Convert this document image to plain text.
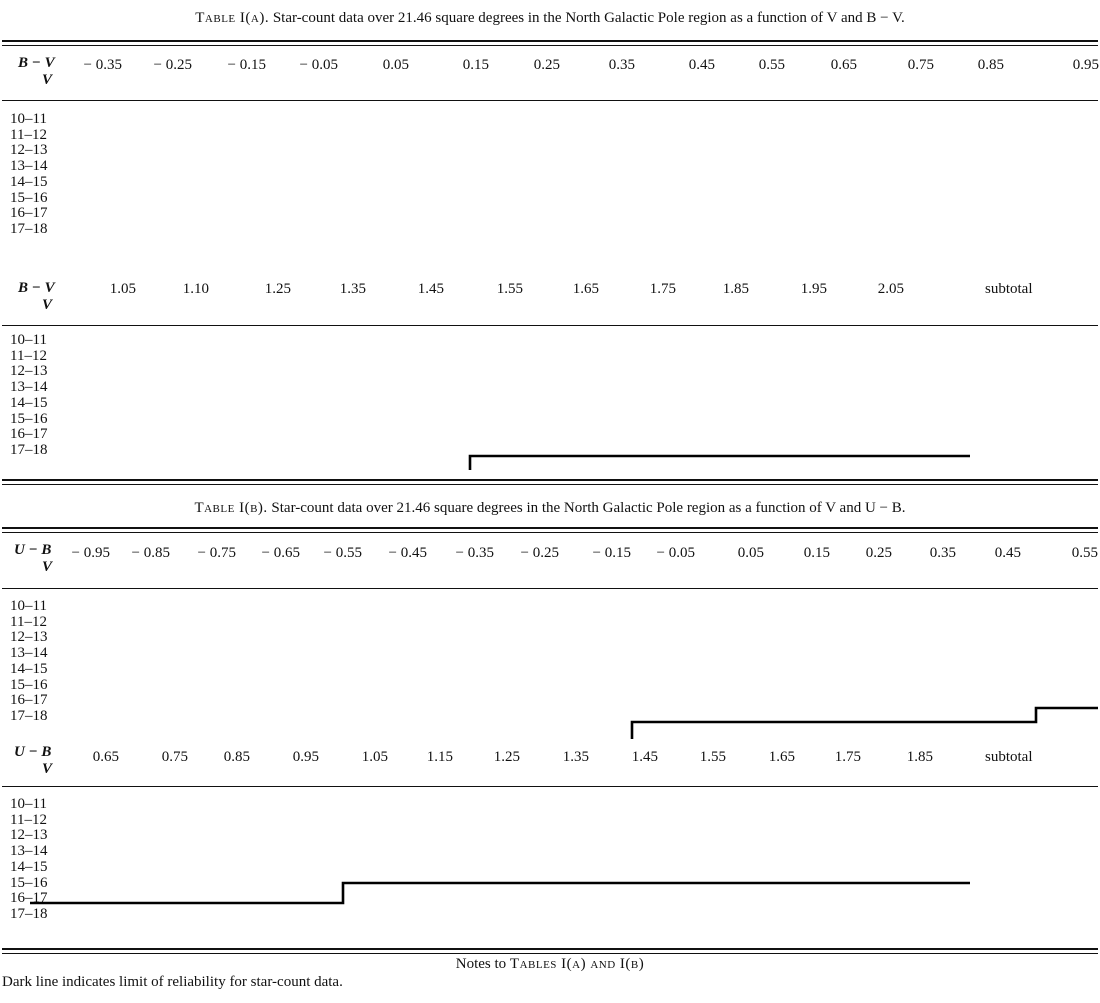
Table I(a). Star-count data over 21.46 square degrees in the North Galactic Pole region as a function of V and B − V.
B − V
V
− 0.35 − 0.25 − 0.15 − 0.05	0.05	0.15	0.25	0.35	0.45	0.55	0.65	0.75	0.85	0.95
10–11
11–12
12–13
13–14
14–15
15–16
16–17
17–18
B − V
V
1.05	1.10	1.25	1.35	1.45	1.55	1.65	1.75	1.85	1.95	2.05	subtotal
10–11
11–12
12–13
13–14
14–15
15–16
16–17
17–18
Table I(b). Star-count data over 21.46 square degrees in the North Galactic Pole region as a function of V and U − B.
U − B
V
− 0.95 − 0.85 − 0.75 − 0.65 − 0.55 − 0.45 − 0.35 − 0.25 − 0.15 − 0.05	0.05	0.15 0.25	0.35	0.45	0.55
10–11
11–12
12–13
13–14
14–15
15–16
16–17
17–18
U − B
V
0.65	0.75 0.85	0.95	1.05	1.15	1.25	1.35	1.45	1.55	1.65	1.75	1.85	subtotal
10–11
11–12
12–13
13–14
14–15
15–16
16–17
17–18
Notes to Tables I(a) and I(b)
Dark line indicates limit of reliability for star-count data.
